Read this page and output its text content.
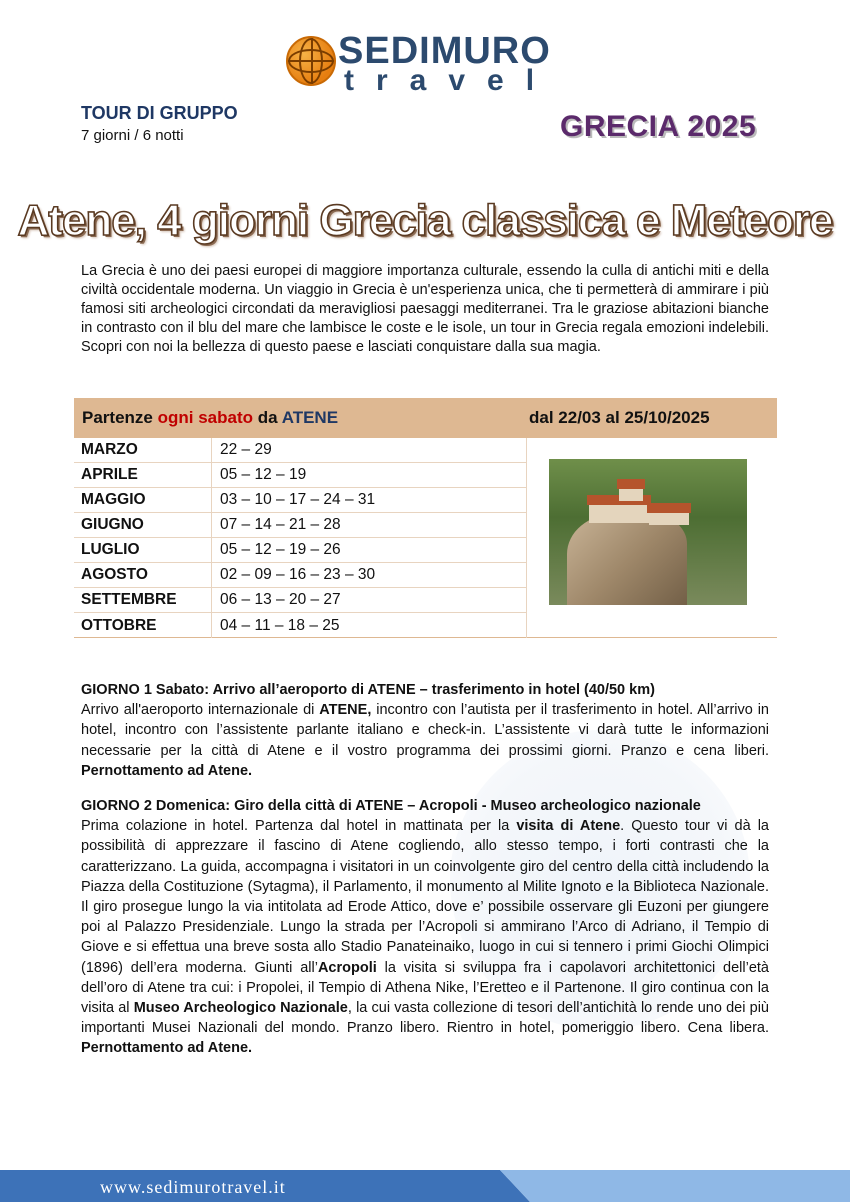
SEDIMURO
travel
TOUR DI GRUPPO
7 giorni / 6 notti	GRECIA 2025
Atene, 4 giorni Grecia classica e Meteore

La Grecia è uno dei paesi europei di maggiore importanza culturale, essendo la culla di antichi miti e della civiltà occidentale moderna. Un viaggio in Grecia è un'esperienza unica, che ti permetterà di ammirare i più famosi siti archeologici circondati da meravigliosi paesaggi mediterranei. Tra le graziose abitazioni bianche in contrasto con il blu del mare che lambisce le coste e le isole, un tour in Grecia regala emozioni indelebili. Scopri con noi la bellezza di questo paese e lasciati conquistare dalla sua magia.

Partenze ogni sabato da ATENE	dal 22/03 al 25/10/2025
MARZO	22 – 29
APRILE	05 – 12 – 19
MAGGIO	03 – 10 – 17 – 24 – 31
GIUGNO	07 – 14 – 21 – 28
LUGLIO	05 – 12 – 19 – 26
AGOSTO	02 – 09 – 16 – 23 – 30
SETTEMBRE	06 – 13 – 20 – 27
OTTOBRE	04 – 11 – 18 – 25
GIORNO 1 Sabato: Arrivo all’aeroporto di ATENE – trasferimento in hotel (40/50 km)
Arrivo all'aeroporto internazionale di ATENE, incontro con l’autista per il trasferimento in hotel. All’arrivo in hotel, incontro con l’assistente parlante italiano e check-in. L’assistente vi darà tutte le informazioni necessarie per la città di Atene e il vostro programma dei prossimi giorni. Pranzo e cena liberi. Pernottamento ad Atene.
GIORNO 2 Domenica: Giro della città di ATENE – Acropoli - Museo archeologico nazionale
Prima colazione in hotel. Partenza dal hotel in mattinata per la visita di Atene. Questo tour vi dà la possibilità di apprezzare il fascino di Atene cogliendo, allo stesso tempo, i forti contrasti che la caratterizzano. La guida, accompagna i visitatori in un coinvolgente giro del centro della città includendo la Piazza della Costituzione (Sytagma), il Parlamento, il monumento al Milite Ignoto e la Biblioteca Nazionale. Il giro prosegue lungo la via intitolata ad Erode Attico, dove e’ possibile osservare gli Euzoni per giungere poi al Palazzo Presidenziale. Lungo la strada per l’Acropoli si ammirano l’Arco di Adriano, il Tempio di Giove e si effettua una breve sosta allo Stadio Panateinaiko, luogo in cui si tennero i primi Giochi Olimpici (1896) dell’era moderna. Giunti all’Acropoli la visita si sviluppa fra i capolavori architettonici dell’età dell’oro di Atene tra cui: i Propolei, il Tempio di Athena Nike, l’Eretteo e il Partenone. Il giro continua con la visita al Museo Archeologico Nazionale, la cui vasta collezione di tesori dell’antichità lo rende uno dei più importanti Musei Nazionali del mondo. Pranzo libero. Rientro in hotel, pomeriggio libero. Cena libera. Pernottamento ad Atene.
www.sedimurotravel.it
